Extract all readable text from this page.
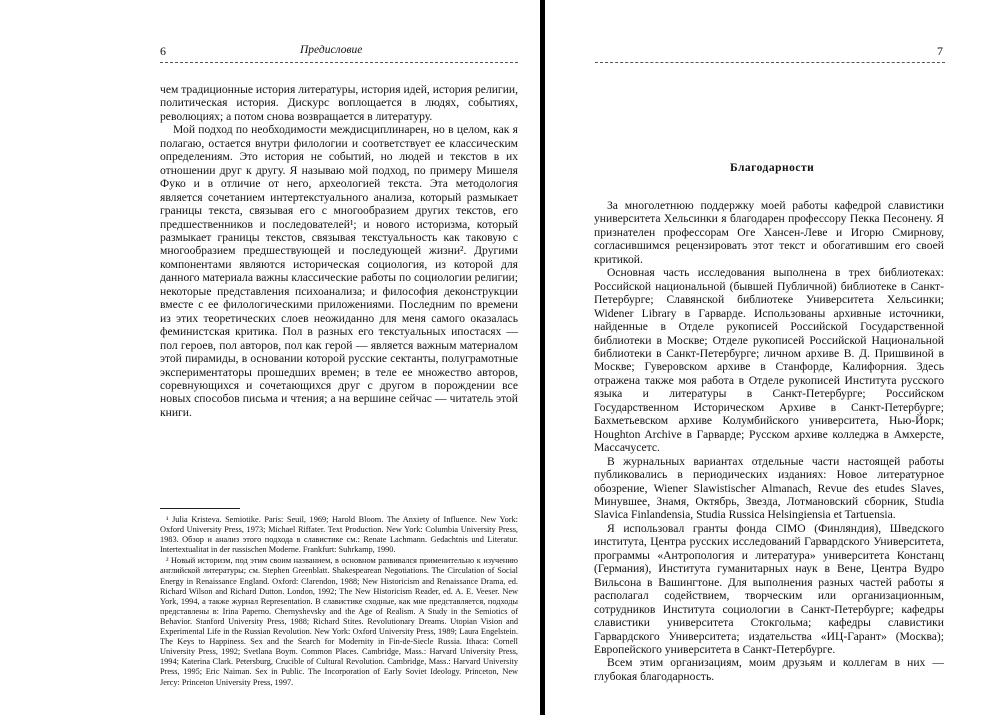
6	Предисловие

чем традиционные история литературы, история идей, история религии, политическая история. Дискурс воплощается в людях, событиях, революциях; а потом снова возвращается в литературу.

Мой подход по необходимости междисциплинарен, но в целом, как я полагаю, остается внутри филологии и соответствует ее классическим определениям. Это история не событий, но людей и текстов в их отношении друг к другу. Я называю мой подход, по примеру Мишеля Фуко и в отличие от него, археологией текста. Эта методология является сочетанием интертекстуального анализа, который размыкает границы текста, связывая его с многообразием других текстов, его предшественников и последователей¹; и нового историзма, который размыкает границы текстов, связывая текстуальность как таковую с многообразием предшествующей и последующей жизни². Другими компонентами являются историческая социология, из которой для данного материала важны классические работы по социологии религии; некоторые представления психоанализа; и философия деконструкции вместе с ее филологическими приложениями. Последним по времени из этих теоретических слоев неожиданно для меня самого оказалась феминистская критика. Пол в разных его текстуальных ипостасях — пол героев, пол авторов, пол как герой — является важным материалом этой пирамиды, в основании которой русские сектанты, полуграмотные экспериментаторы прошедших времен; в теле ее множество авторов, соревнующихся и сочетающихся друг с другом в порождении все новых способов письма и чтения; а на вершине сейчас — читатель этой книги.

¹ Julia Kristeva. Semiotike. Paris: Seuil, 1969; Harold Bloom. The Anxiety of Influence. New York: Oxford University Press, 1973; Michael Riffater. Text Production. New York: Columbia University Press, 1983. Обзор и анализ этого подхода в славистике см.: Renate Lachmann. Gedachtnis und Literatur. Intertextualitat in der russischen Moderne. Frankfurt: Suhrkamp, 1990.

² Новый историзм, под этим своим названием, в основном развивался применительно к изучению английской литературы; см. Stephen Greenblatt. Shakespearean Negotiations. The Circulation of Social Energy in Renaissance England. Oxford: Clarendon, 1988; New Historicism and Renaissance Drama, ed. Richard Wilson and Richard Dutton. London, 1992; The New Historicism Reader, ed. A. E. Veeser. New York, 1994, а также журнал Representation. В славистике сходные, как мне представляется, подходы представлены в: Irina Paperno. Chernyshevsky and the Age of Realism. A Study in the Semiotics of Behavior. Stanford University Press, 1988; Richard Stites. Revolutionary Dreams. Utopian Vision and Experimental Life in the Russian Revolution. New York: Oxford University Press, 1989; Laura Engelstein. The Keys to Happiness. Sex and the Search for Modernity in Fin-de-Siecle Russia. Ithaca: Cornell University Press, 1992; Svetlana Boym. Common Places. Cambridge, Mass.: Harvard University Press, 1994; Katerina Clark. Petersburg, Crucible of Cultural Revolution. Cambridge, Mass.: Harvard University Press, 1995; Eric Naiman. Sex in Public. The Incorporation of Early Soviet Ideology. Princeton, New Jercy: Princeton University Press, 1997.

7
Благодарности

За многолетнюю поддержку моей работы кафедрой славистики университета Хельсинки я благодарен профессору Пекка Песонену. Я признателен профессорам Оге Хансен-Леве и Игорю Смирнову, согласившимся рецензировать этот текст и обогатившим его своей критикой.

Основная часть исследования выполнена в трех библиотеках: Российской национальной (бывшей Публичной) библиотеке в Санкт-Петербурге; Славянской библиотеке Университета Хельсинки; Widener Library в Гарварде. Использованы архивные источники, найденные в Отделе рукописей Российской Государственной библиотеки в Москве; Отделе рукописей Российской Национальной библиотеки в Санкт-Петербурге; личном архиве В. Д. Пришвиной в Москве; Гуверовском архиве в Станфорде, Калифорния. Здесь отражена также моя работа в Отделе рукописей Института русского языка и литературы в Санкт-Петербурге; Российском Государственном Историческом Архиве в Санкт-Петербурге; Бахметьевском архиве Колумбийского университета, Нью-Йорк; Houghton Archive в Гарварде; Русском архиве колледжа в Амхерсте, Массачусетс.

В журнальных вариантах отдельные части настоящей работы публиковались в периодических изданиях: Новое литературное обозрение, Wiener Slawistischer Almanach, Revue des etudes Slaves, Минувшее, Знамя, Октябрь, Звезда, Лотмановский сборник, Studia Slavica Finlandensia, Studia Russica Helsingiensia et Tartuensia.

Я использовал гранты фонда CIMO (Финляндия), Шведского института, Центра русских исследований Гарвардского Университета, программы «Антропология и литература» университета Констанц (Германия), Института гуманитарных наук в Вене, Центра Вудро Вильсона в Вашингтоне. Для выполнения разных частей работы я располагал содействием, творческим или организационным, сотрудников Института социологии в Санкт-Петербурге; кафедры славистики университета Стокгольма; кафедры славистики Гарвардского Университета; издательства «ИЦ-Гарант» (Москва); Европейского университета в Санкт-Петербурге.

Всем этим организациям, моим друзьям и коллегам в них — глубокая благодарность.
